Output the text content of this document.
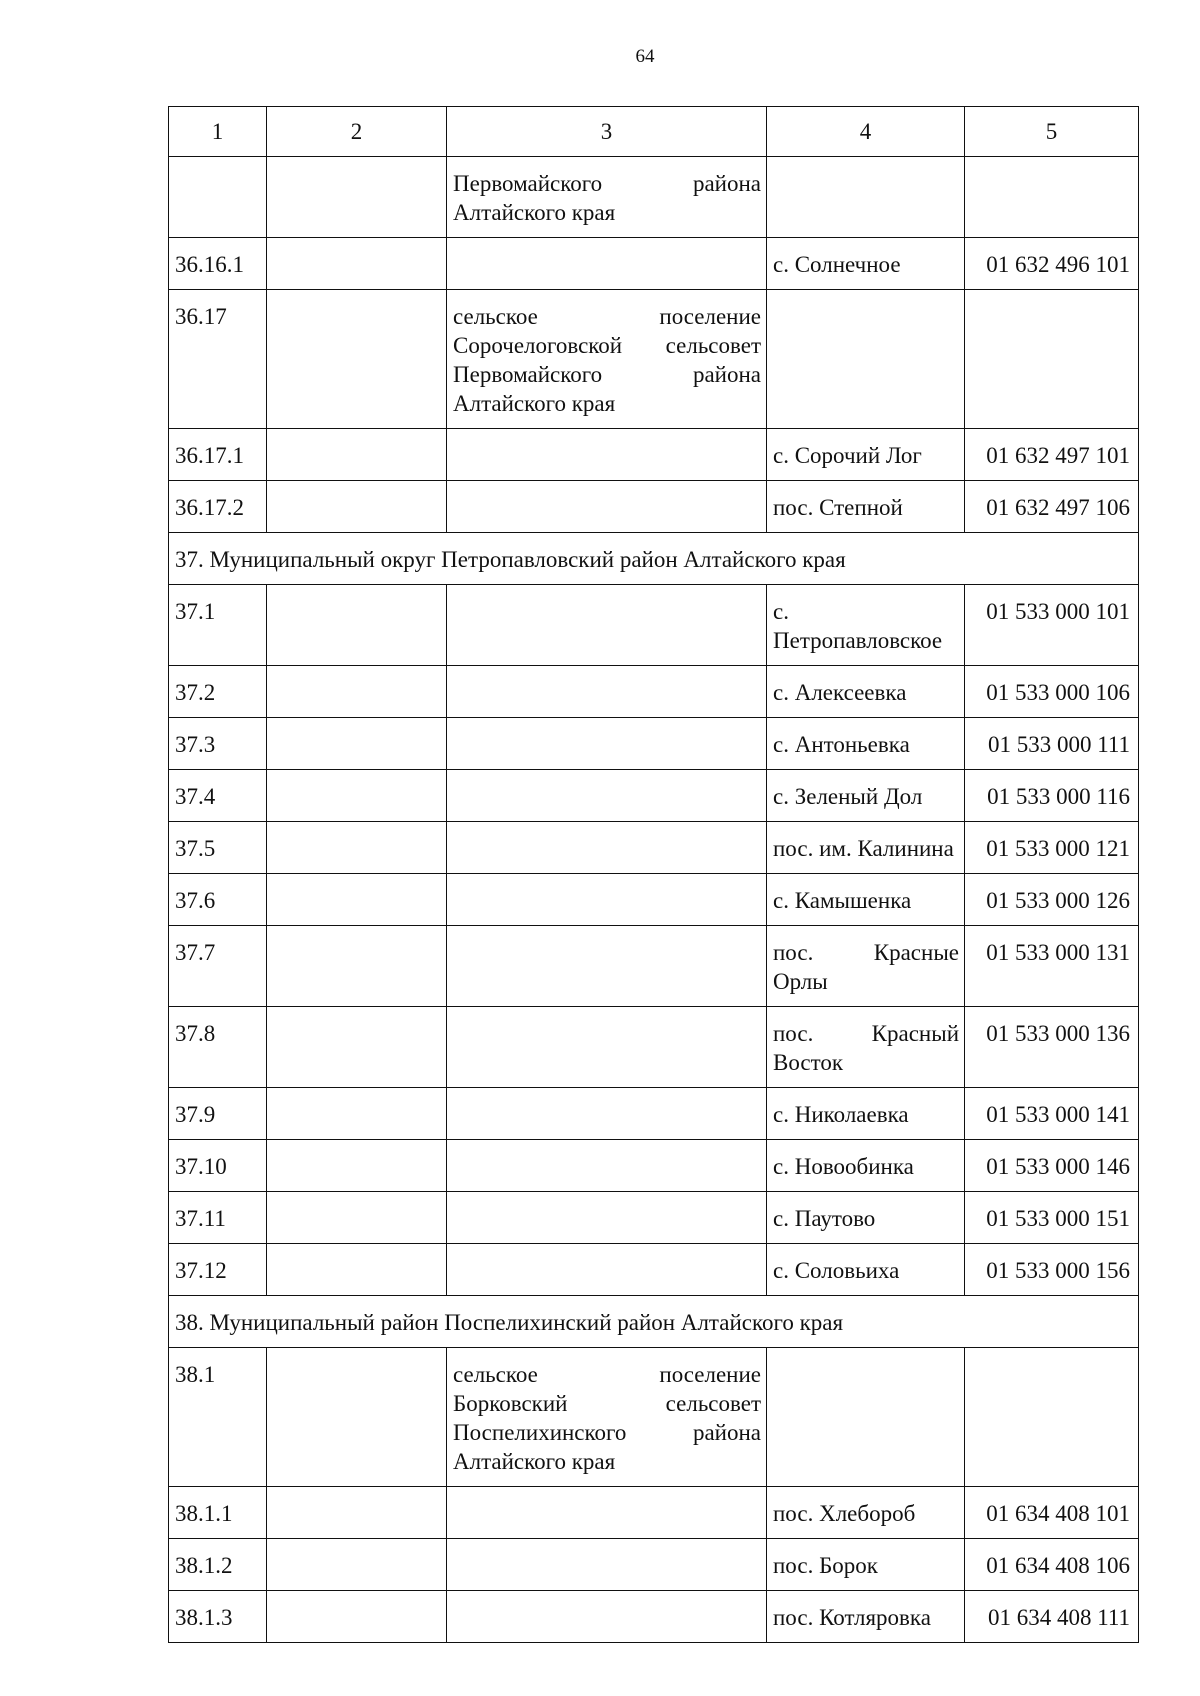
64
1	2	3	4	5
		Первомайского района Алтайского края		
36.16.1			с. Солнечное	01 632 496 101
36.17		сельское поселение Сорочелоговской сельсовет Первомайского района Алтайского края		
36.17.1			с. Сорочий Лог	01 632 497 101
36.17.2			пос. Степной	01 632 497 106
37. Муниципальный округ Петропавловский район Алтайского края				
37.1			с. Петропавловское	01 533 000 101
37.2			с. Алексеевка	01 533 000 106
37.3			с. Антоньевка	01 533 000 111
37.4			с. Зеленый Дол	01 533 000 116
37.5			пос. им. Калинина	01 533 000 121
37.6			с. Камышенка	01 533 000 126
37.7			пос. Красные Орлы	01 533 000 131
37.8			пос. Красный Восток	01 533 000 136
37.9			с. Николаевка	01 533 000 141
37.10			с. Новообинка	01 533 000 146
37.11			с. Паутово	01 533 000 151
37.12			с. Соловьиха	01 533 000 156
38. Муниципальный район Поспелихинский район Алтайского края				
38.1		сельское поселение Борковский сельсовет Поспелихинского района Алтайского края		
38.1.1			пос. Хлебороб	01 634 408 101
38.1.2			пос. Борок	01 634 408 106
38.1.3			пос. Котляровка	01 634 408 111
